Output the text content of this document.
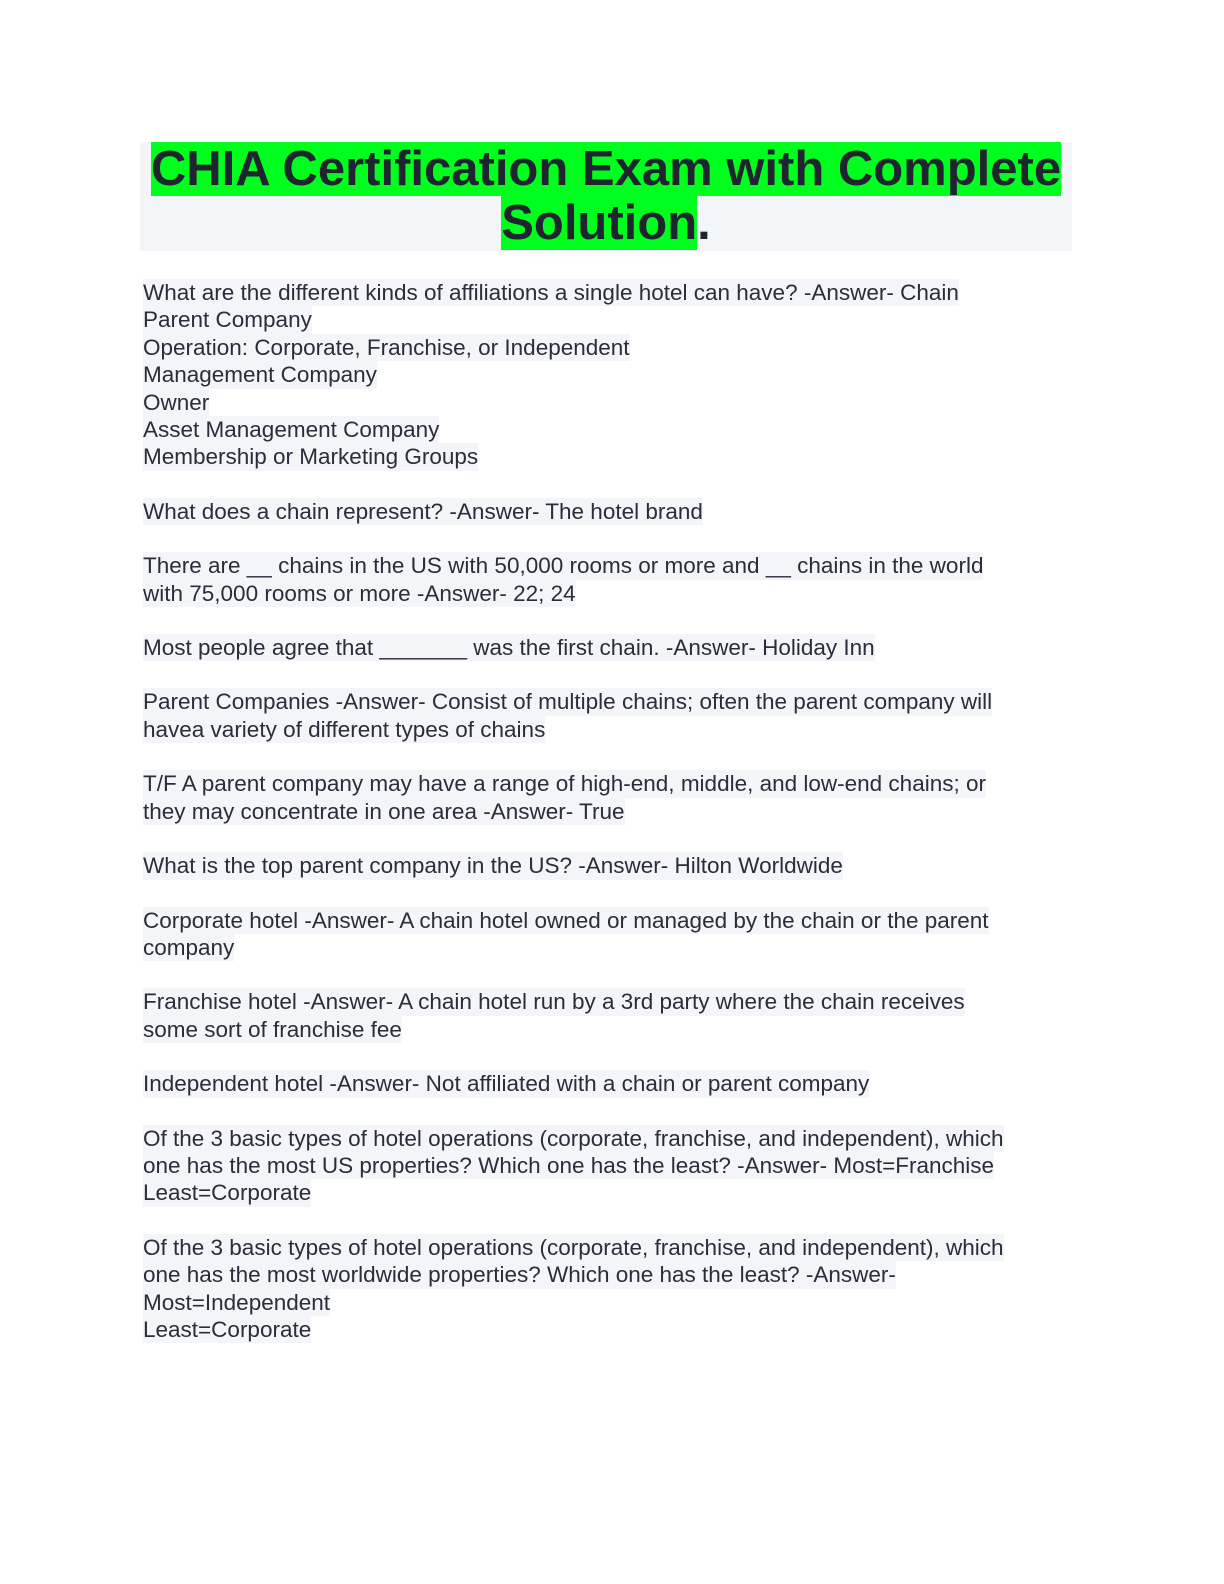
CHIA Certification Exam with Complete
Solution.
What are the different kinds of affiliations a single hotel can have? -Answer- Chain
Parent Company
Operation: Corporate, Franchise, or Independent
Management Company
Owner
Asset Management Company
Membership or Marketing Groups
What does a chain represent? -Answer- The hotel brand
There are __ chains in the US with 50,000 rooms or more and __ chains in the world
with 75,000 rooms or more -Answer- 22; 24
Most people agree that _______ was the first chain. -Answer- Holiday Inn
Parent Companies -Answer- Consist of multiple chains; often the parent company will
havea variety of different types of chains
T/F A parent company may have a range of high-end, middle, and low-end chains; or
they may concentrate in one area -Answer- True
What is the top parent company in the US? -Answer- Hilton Worldwide
Corporate hotel -Answer- A chain hotel owned or managed by the chain or the parent
company
Franchise hotel -Answer- A chain hotel run by a 3rd party where the chain receives
some sort of franchise fee
Independent hotel -Answer- Not affiliated with a chain or parent company
Of the 3 basic types of hotel operations (corporate, franchise, and independent), which
one has the most US properties? Which one has the least? -Answer- Most=Franchise
Least=Corporate
Of the 3 basic types of hotel operations (corporate, franchise, and independent), which
one has the most worldwide properties? Which one has the least? -Answer-
Most=Independent
Least=Corporate
